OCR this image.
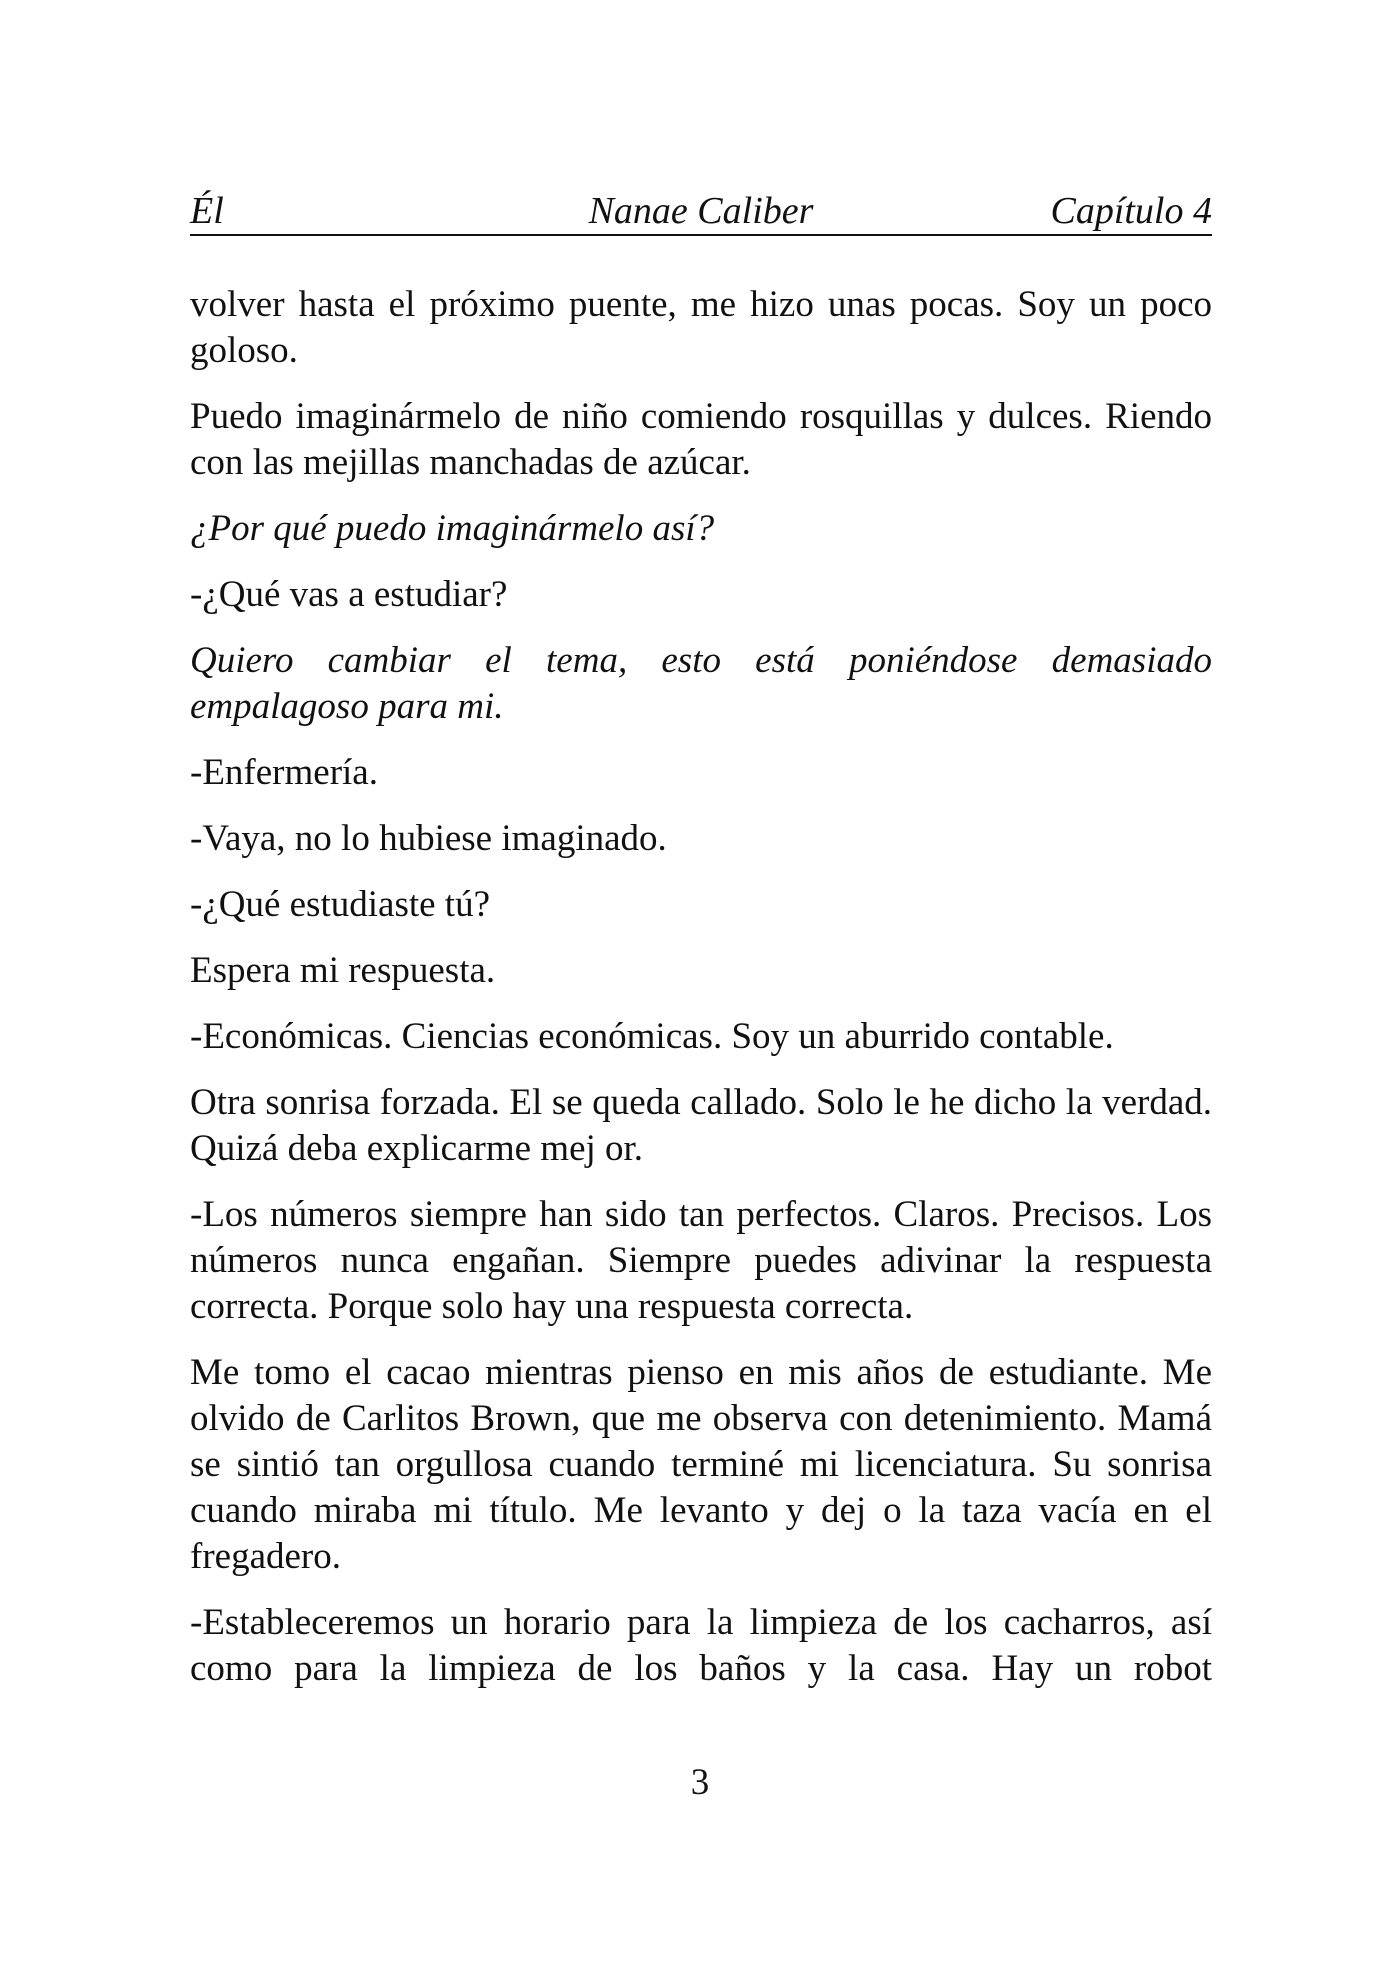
Él	Nanae Caliber	Capítulo 4

volver hasta el próximo puente, me hizo unas pocas. Soy un poco goloso.

Puedo imaginármelo de niño comiendo rosquillas y dulces. Riendo con las mejillas manchadas de azúcar.

¿Por qué puedo imaginármelo así?

-¿Qué vas a estudiar?

Quiero cambiar el tema, esto está poniéndose demasiado empalagoso para mi.

-Enfermería.

-Vaya, no lo hubiese imaginado.

-¿Qué estudiaste tú?

Espera mi respuesta.

-Económicas. Ciencias económicas. Soy un aburrido contable.

Otra sonrisa forzada. El se queda callado. Solo le he dicho la verdad. Quizá deba explicarme mej or.

-Los números siempre han sido tan perfectos. Claros. Precisos. Los números nunca engañan. Siempre puedes adivinar la respuesta correcta. Porque solo hay una respuesta correcta.

Me tomo el cacao mientras pienso en mis años de estudiante. Me olvido de Carlitos Brown, que me observa con detenimiento. Mamá se sintió tan orgullosa cuando terminé mi licenciatura. Su sonrisa cuando miraba mi título. Me levanto y dej o la taza vacía en el fregadero.

-Estableceremos un horario para la limpieza de los cacharros, así como para la limpieza de los baños y la casa. Hay un robot

3
